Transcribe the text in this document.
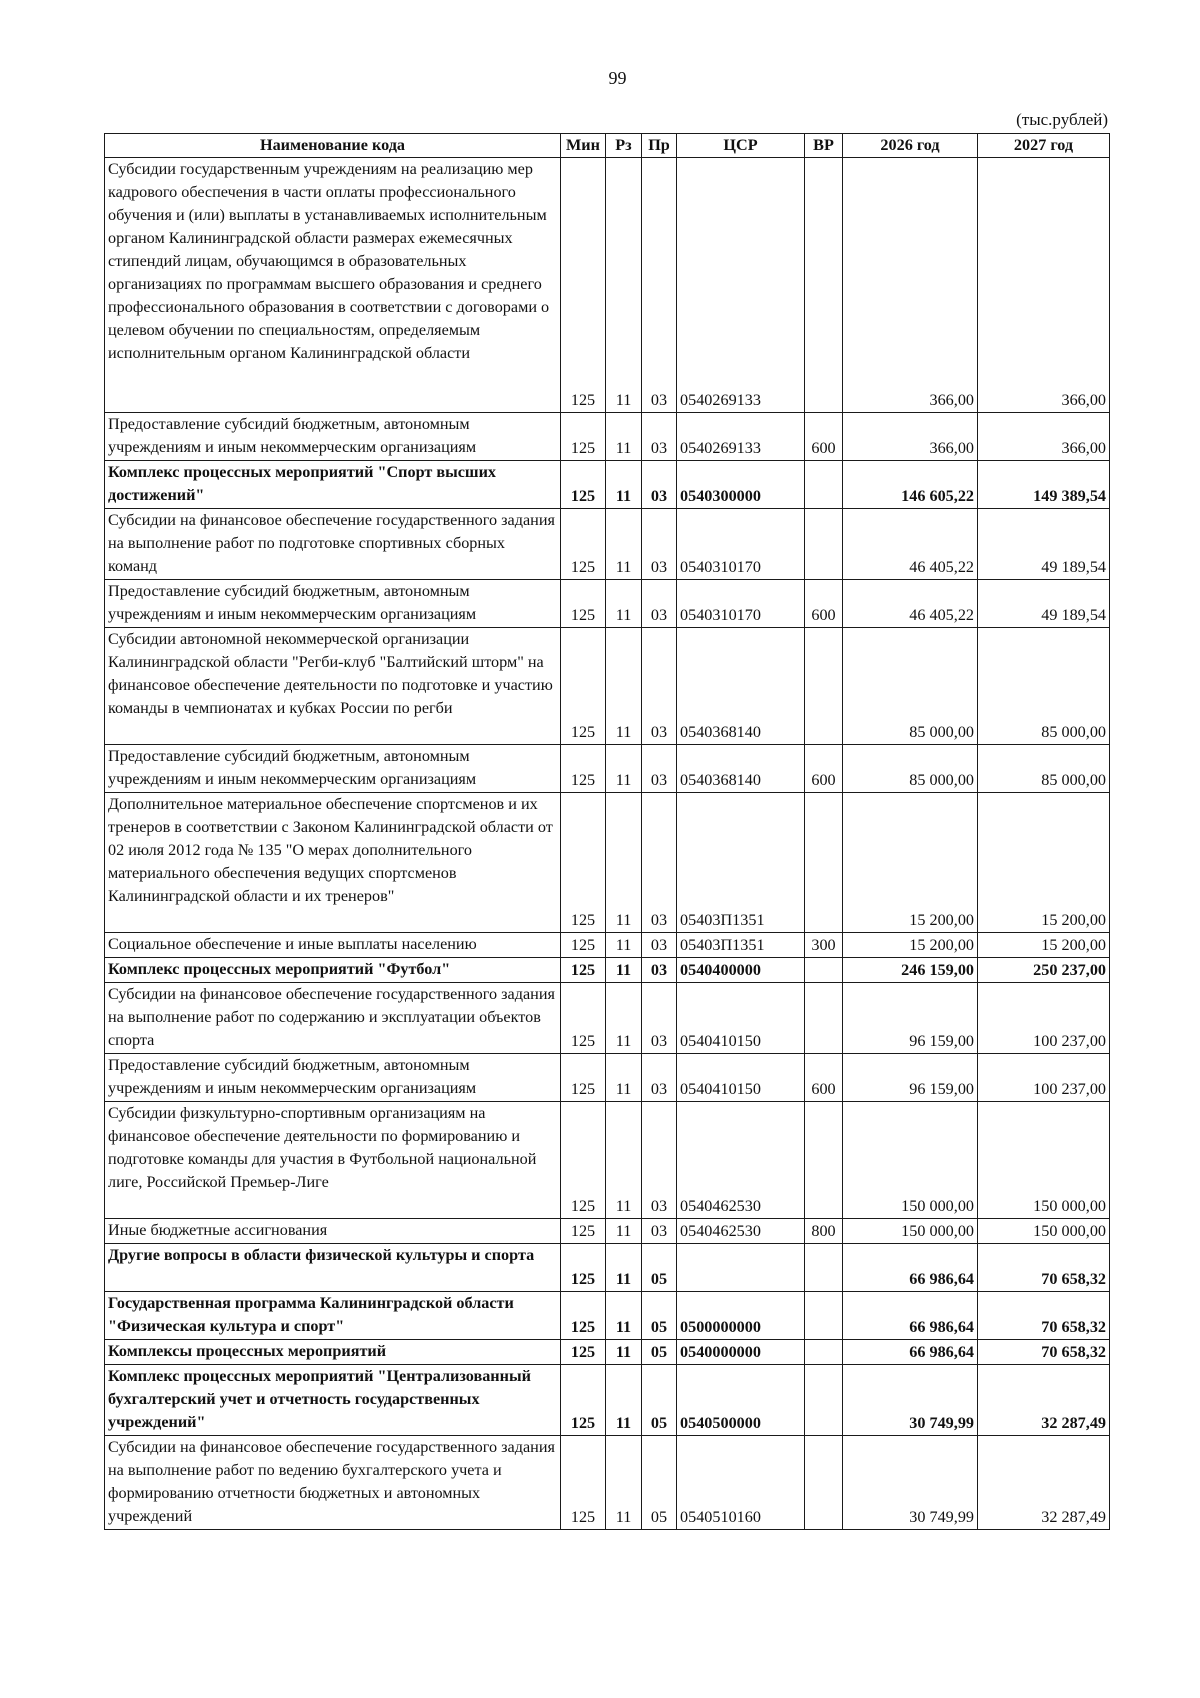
99
(тыс.рублей)
Наименование кода	Мин	Рз	Пр	ЦСР	ВР	2026 год	2027 год
Субсидии государственным учреждениям на реализацию мер кадрового обеспечения в части оплаты профессионального обучения и (или) выплаты в устанавливаемых исполнительным органом Калининградской области размерах ежемесячных стипендий лицам, обучающимся в образовательных организациях по программам высшего образования и среднего профессионального образования в соответствии с договорами о целевом обучении по специальностям, определяемым исполнительным органом Калининградской области	125	11	03	0540269133		366,00	366,00
Предоставление субсидий бюджетным, автономным учреждениям и иным некоммерческим организациям	125	11	03	0540269133	600	366,00	366,00
Комплекс процессных мероприятий "Спорт высших достижений"	125	11	03	0540300000		146 605,22	149 389,54
Субсидии на финансовое обеспечение государственного задания на выполнение работ по подготовке спортивных сборных команд	125	11	03	0540310170		46 405,22	49 189,54
Предоставление субсидий бюджетным, автономным учреждениям и иным некоммерческим организациям	125	11	03	0540310170	600	46 405,22	49 189,54
Субсидии автономной некоммерческой организации Калининградской области "Регби-клуб "Балтийский шторм" на финансовое обеспечение деятельности по подготовке и участию команды в чемпионатах и кубках России по регби	125	11	03	0540368140		85 000,00	85 000,00
Предоставление субсидий бюджетным, автономным учреждениям и иным некоммерческим организациям	125	11	03	0540368140	600	85 000,00	85 000,00
Дополнительное материальное обеспечение спортсменов и их тренеров в соответствии с Законом Калининградской области от 02 июля 2012 года № 135 "О мерах дополнительного материального обеспечения ведущих спортсменов Калининградской области и их тренеров"	125	11	03	05403П1351		15 200,00	15 200,00
Социальное обеспечение и иные выплаты населению	125	11	03	05403П1351	300	15 200,00	15 200,00
Комплекс процессных мероприятий "Футбол"	125	11	03	0540400000		246 159,00	250 237,00
Субсидии на финансовое обеспечение государственного задания на выполнение работ по содержанию и эксплуатации объектов спорта	125	11	03	0540410150		96 159,00	100 237,00
Предоставление субсидий бюджетным, автономным учреждениям и иным некоммерческим организациям	125	11	03	0540410150	600	96 159,00	100 237,00
Субсидии физкультурно-спортивным организациям на финансовое обеспечение деятельности по формированию и подготовке команды для участия в Футбольной национальной лиге, Российской Премьер-Лиге	125	11	03	0540462530		150 000,00	150 000,00
Иные бюджетные ассигнования	125	11	03	0540462530	800	150 000,00	150 000,00
Другие вопросы в области физической культуры и спорта	125	11	05			66 986,64	70 658,32
Государственная программа Калининградской области "Физическая культура и спорт"	125	11	05	0500000000		66 986,64	70 658,32
Комплексы процессных мероприятий	125	11	05	0540000000		66 986,64	70 658,32
Комплекс процессных мероприятий "Централизованный бухгалтерский учет и отчетность государственных учреждений"	125	11	05	0540500000		30 749,99	32 287,49
Субсидии на финансовое обеспечение государственного задания на выполнение работ по ведению бухгалтерского учета и формированию отчетности бюджетных и автономных учреждений	125	11	05	0540510160		30 749,99	32 287,49
